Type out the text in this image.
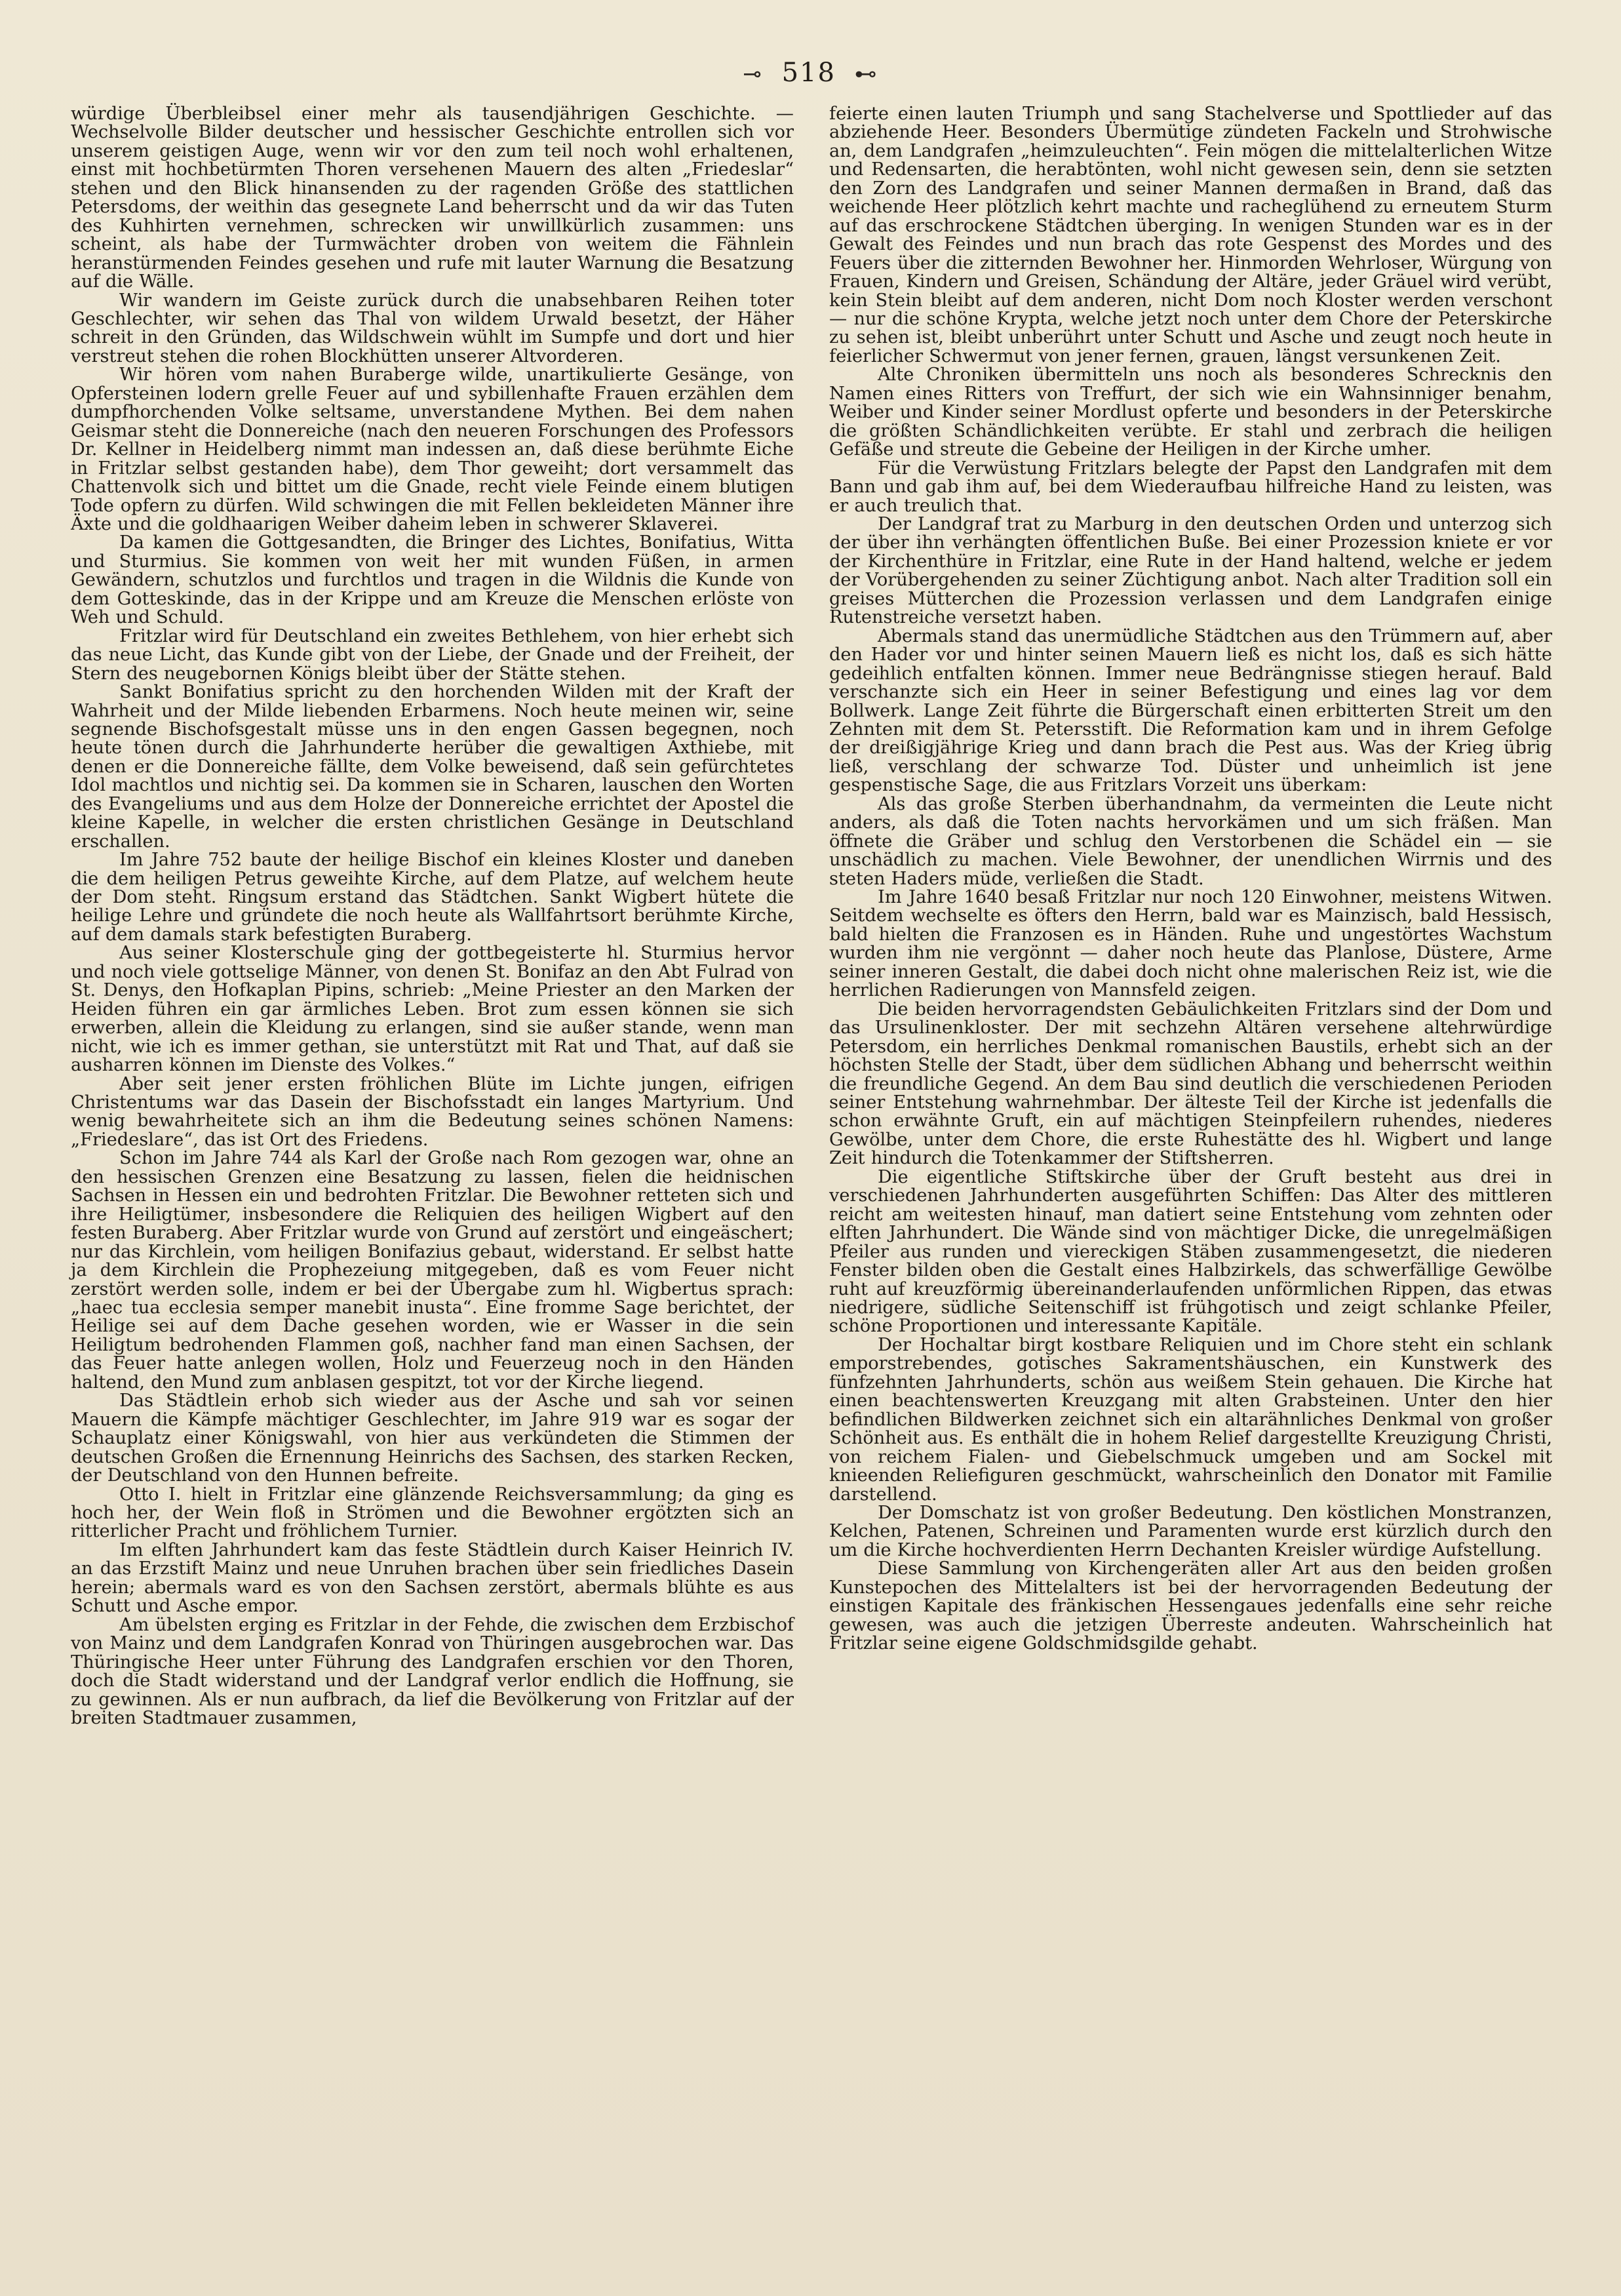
⊸ 518 ⊷

würdige Überbleibsel einer mehr als tausendjährigen Geschichte. — Wechselvolle Bilder deutscher und hessischer Geschichte entrollen sich vor unserem geistigen Auge, wenn wir vor den zum teil noch wohl erhaltenen, einst mit hochbetürmten Thoren versehenen Mauern des alten „Friedeslar“ stehen und den Blick hinansenden zu der ragenden Größe des stattlichen Petersdoms, der weithin das gesegnete Land beherrscht und da wir das Tuten des Kuhhirten vernehmen, schrecken wir unwillkürlich zusammen: uns scheint, als habe der Turmwächter droben von weitem die Fähnlein heranstürmenden Feindes gesehen und rufe mit lauter Warnung die Besatzung auf die Wälle.

Wir wandern im Geiste zurück durch die unabsehbaren Reihen toter Geschlechter, wir sehen das Thal von wildem Urwald besetzt, der Häher schreit in den Gründen, das Wildschwein wühlt im Sumpfe und dort und hier verstreut stehen die rohen Blockhütten unserer Altvorderen.

Wir hören vom nahen Buraberge wilde, unartikulierte Gesänge, von Opfersteinen lodern grelle Feuer auf und sybillenhafte Frauen erzählen dem dumpfhorchenden Volke seltsame, unverstandene Mythen. Bei dem nahen Geismar steht die Donnereiche (nach den neueren Forschungen des Professors Dr. Kellner in Heidelberg nimmt man indessen an, daß diese berühmte Eiche in Fritzlar selbst gestanden habe), dem Thor geweiht; dort versammelt das Chattenvolk sich und bittet um die Gnade, recht viele Feinde einem blutigen Tode opfern zu dürfen. Wild schwingen die mit Fellen bekleideten Männer ihre Äxte und die goldhaarigen Weiber daheim leben in schwerer Sklaverei.

Da kamen die Gottgesandten, die Bringer des Lichtes, Bonifatius, Witta und Sturmius. Sie kommen von weit her mit wunden Füßen, in armen Gewändern, schutzlos und furchtlos und tragen in die Wildnis die Kunde von dem Gotteskinde, das in der Krippe und am Kreuze die Menschen erlöste von Weh und Schuld.

Fritzlar wird für Deutschland ein zweites Bethlehem, von hier erhebt sich das neue Licht, das Kunde gibt von der Liebe, der Gnade und der Freiheit, der Stern des neugebornen Königs bleibt über der Stätte stehen.

Sankt Bonifatius spricht zu den horchenden Wilden mit der Kraft der Wahrheit und der Milde liebenden Erbarmens. Noch heute meinen wir, seine segnende Bischofsgestalt müsse uns in den engen Gassen begegnen, noch heute tönen durch die Jahrhunderte herüber die gewaltigen Axthiebe, mit denen er die Donnereiche fällte, dem Volke beweisend, daß sein gefürchtetes Idol machtlos und nichtig sei. Da kommen sie in Scharen, lauschen den Worten des Evangeliums und aus dem Holze der Donnereiche errichtet der Apostel die kleine Kapelle, in welcher die ersten christlichen Gesänge in Deutschland erschallen.

Im Jahre 752 baute der heilige Bischof ein kleines Kloster und daneben die dem heiligen Petrus geweihte Kirche, auf dem Platze, auf welchem heute der Dom steht. Ringsum erstand das Städtchen. Sankt Wigbert hütete die heilige Lehre und gründete die noch heute als Wallfahrtsort berühmte Kirche, auf dem damals stark befestigten Buraberg.

Aus seiner Klosterschule ging der gottbegeisterte hl. Sturmius hervor und noch viele gottselige Männer, von denen St. Bonifaz an den Abt Fulrad von St. Denys, den Hofkaplan Pipins, schrieb: „Meine Priester an den Marken der Heiden führen ein gar ärmliches Leben. Brot zum essen können sie sich erwerben, allein die Kleidung zu erlangen, sind sie außer stande, wenn man nicht, wie ich es immer gethan, sie unterstützt mit Rat und That, auf daß sie ausharren können im Dienste des Volkes.“

Aber seit jener ersten fröhlichen Blüte im Lichte jungen, eifrigen Christentums war das Dasein der Bischofsstadt ein langes Martyrium. Und wenig bewahrheitete sich an ihm die Bedeutung seines schönen Namens: „Friedeslare“, das ist Ort des Friedens.

Schon im Jahre 744 als Karl der Große nach Rom gezogen war, ohne an den hessischen Grenzen eine Besatzung zu lassen, fielen die heidnischen Sachsen in Hessen ein und bedrohten Fritzlar. Die Bewohner retteten sich und ihre Heiligtümer, insbesondere die Reliquien des heiligen Wigbert auf den festen Buraberg. Aber Fritzlar wurde von Grund auf zerstört und eingeäschert; nur das Kirchlein, vom heiligen Bonifazius gebaut, widerstand. Er selbst hatte ja dem Kirchlein die Prophezeiung mitgegeben, daß es vom Feuer nicht zerstört werden solle, indem er bei der Übergabe zum hl. Wigbertus sprach: „haec tua ecclesia semper manebit inusta“. Eine fromme Sage berichtet, der Heilige sei auf dem Dache gesehen worden, wie er Wasser in die sein Heiligtum bedrohenden Flammen goß, nachher fand man einen Sachsen, der das Feuer hatte anlegen wollen, Holz und Feuerzeug noch in den Händen haltend, den Mund zum anblasen gespitzt, tot vor der Kirche liegend.

Das Städtlein erhob sich wieder aus der Asche und sah vor seinen Mauern die Kämpfe mächtiger Geschlechter, im Jahre 919 war es sogar der Schauplatz einer Königswahl, von hier aus verkündeten die Stimmen der deutschen Großen die Ernennung Heinrichs des Sachsen, des starken Recken, der Deutschland von den Hunnen befreite.

Otto I. hielt in Fritzlar eine glänzende Reichsversammlung; da ging es hoch her, der Wein floß in Strömen und die Bewohner ergötzten sich an ritterlicher Pracht und fröhlichem Turnier.

Im elften Jahrhundert kam das feste Städtlein durch Kaiser Heinrich IV. an das Erzstift Mainz und neue Unruhen brachen über sein friedliches Dasein herein; abermals ward es von den Sachsen zerstört, abermals blühte es aus Schutt und Asche empor.

Am übelsten erging es Fritzlar in der Fehde, die zwischen dem Erzbischof von Mainz und dem Landgrafen Konrad von Thüringen ausgebrochen war. Das Thüringische Heer unter Führung des Landgrafen erschien vor den Thoren, doch die Stadt widerstand und der Landgraf verlor endlich die Hoffnung, sie zu gewinnen. Als er nun aufbrach, da lief die Bevölkerung von Fritzlar auf der breiten Stadtmauer zusammen,

feierte einen lauten Triumph und sang Stachelverse und Spottlieder auf das abziehende Heer. Besonders Übermütige zündeten Fackeln und Strohwische an, dem Landgrafen „heimzuleuchten“. Fein mögen die mittelalterlichen Witze und Redensarten, die herabtönten, wohl nicht gewesen sein, denn sie setzten den Zorn des Landgrafen und seiner Mannen dermaßen in Brand, daß das weichende Heer plötzlich kehrt machte und racheglühend zu erneutem Sturm auf das erschrockene Städtchen überging. In wenigen Stunden war es in der Gewalt des Feindes und nun brach das rote Gespenst des Mordes und des Feuers über die zitternden Bewohner her. Hinmorden Wehrloser, Würgung von Frauen, Kindern und Greisen, Schändung der Altäre, jeder Gräuel wird verübt, kein Stein bleibt auf dem anderen, nicht Dom noch Kloster werden verschont — nur die schöne Krypta, welche jetzt noch unter dem Chore der Peterskirche zu sehen ist, bleibt unberührt unter Schutt und Asche und zeugt noch heute in feierlicher Schwermut von jener fernen, grauen, längst versunkenen Zeit.

Alte Chroniken übermitteln uns noch als besonderes Schrecknis den Namen eines Ritters von Treffurt, der sich wie ein Wahnsinniger benahm, Weiber und Kinder seiner Mordlust opferte und besonders in der Peterskirche die größten Schändlichkeiten verübte. Er stahl und zerbrach die heiligen Gefäße und streute die Gebeine der Heiligen in der Kirche umher.

Für die Verwüstung Fritzlars belegte der Papst den Landgrafen mit dem Bann und gab ihm auf, bei dem Wiederaufbau hilfreiche Hand zu leisten, was er auch treulich that.

Der Landgraf trat zu Marburg in den deutschen Orden und unterzog sich der über ihn verhängten öffentlichen Buße. Bei einer Prozession kniete er vor der Kirchenthüre in Fritzlar, eine Rute in der Hand haltend, welche er jedem der Vorübergehenden zu seiner Züchtigung anbot. Nach alter Tradition soll ein greises Mütterchen die Prozession verlassen und dem Landgrafen einige Rutenstreiche versetzt haben.

Abermals stand das unermüdliche Städtchen aus den Trümmern auf, aber den Hader vor und hinter seinen Mauern ließ es nicht los, daß es sich hätte gedeihlich entfalten können. Immer neue Bedrängnisse stiegen herauf. Bald verschanzte sich ein Heer in seiner Befestigung und eines lag vor dem Bollwerk. Lange Zeit führte die Bürgerschaft einen erbitterten Streit um den Zehnten mit dem St. Petersstift. Die Reformation kam und in ihrem Gefolge der dreißigjährige Krieg und dann brach die Pest aus. Was der Krieg übrig ließ, verschlang der schwarze Tod. Düster und unheimlich ist jene gespenstische Sage, die aus Fritzlars Vorzeit uns überkam:

Als das große Sterben überhandnahm, da vermeinten die Leute nicht anders, als daß die Toten nachts hervorkämen und um sich fräßen. Man öffnete die Gräber und schlug den Verstorbenen die Schädel ein — sie unschädlich zu machen. Viele Bewohner, der unendlichen Wirrnis und des steten Haders müde, verließen die Stadt.

Im Jahre 1640 besaß Fritzlar nur noch 120 Einwohner, meistens Witwen. Seitdem wechselte es öfters den Herrn, bald war es Mainzisch, bald Hessisch, bald hielten die Franzosen es in Händen. Ruhe und ungestörtes Wachstum wurden ihm nie vergönnt — daher noch heute das Planlose, Düstere, Arme seiner inneren Gestalt, die dabei doch nicht ohne malerischen Reiz ist, wie die herrlichen Radierungen von Mannsfeld zeigen.

Die beiden hervorragendsten Gebäulichkeiten Fritzlars sind der Dom und das Ursulinenkloster. Der mit sechzehn Altären versehene altehrwürdige Petersdom, ein herrliches Denkmal romanischen Baustils, erhebt sich an der höchsten Stelle der Stadt, über dem südlichen Abhang und beherrscht weithin die freundliche Gegend. An dem Bau sind deutlich die verschiedenen Perioden seiner Entstehung wahrnehmbar. Der älteste Teil der Kirche ist jedenfalls die schon erwähnte Gruft, ein auf mächtigen Steinpfeilern ruhendes, niederes Gewölbe, unter dem Chore, die erste Ruhestätte des hl. Wigbert und lange Zeit hindurch die Totenkammer der Stiftsherren.

Die eigentliche Stiftskirche über der Gruft besteht aus drei in verschiedenen Jahrhunderten ausgeführten Schiffen: Das Alter des mittleren reicht am weitesten hinauf, man datiert seine Entstehung vom zehnten oder elften Jahrhundert. Die Wände sind von mächtiger Dicke, die unregelmäßigen Pfeiler aus runden und viereckigen Stäben zusammengesetzt, die niederen Fenster bilden oben die Gestalt eines Halbzirkels, das schwerfällige Gewölbe ruht auf kreuzförmig übereinanderlaufenden unförmlichen Rippen, das etwas niedrigere, südliche Seitenschiff ist frühgotisch und zeigt schlanke Pfeiler, schöne Proportionen und interessante Kapitäle.

Der Hochaltar birgt kostbare Reliquien und im Chore steht ein schlank emporstrebendes, gotisches Sakramentshäuschen, ein Kunstwerk des fünfzehnten Jahrhunderts, schön aus weißem Stein gehauen. Die Kirche hat einen beachtenswerten Kreuzgang mit alten Grabsteinen. Unter den hier befindlichen Bildwerken zeichnet sich ein altarähnliches Denkmal von großer Schönheit aus. Es enthält die in hohem Relief dargestellte Kreuzigung Christi, von reichem Fialen- und Giebelschmuck umgeben und am Sockel mit knieenden Reliefiguren geschmückt, wahrscheinlich den Donator mit Familie darstellend.

Der Domschatz ist von großer Bedeutung. Den köstlichen Monstranzen, Kelchen, Patenen, Schreinen und Paramenten wurde erst kürzlich durch den um die Kirche hochverdienten Herrn Dechanten Kreisler würdige Aufstellung.

Diese Sammlung von Kirchengeräten aller Art aus den beiden großen Kunstepochen des Mittelalters ist bei der hervorragenden Bedeutung der einstigen Kapitale des fränkischen Hessengaues jedenfalls eine sehr reiche gewesen, was auch die jetzigen Überreste andeuten. Wahrscheinlich hat Fritzlar seine eigene Goldschmidsgilde gehabt.
